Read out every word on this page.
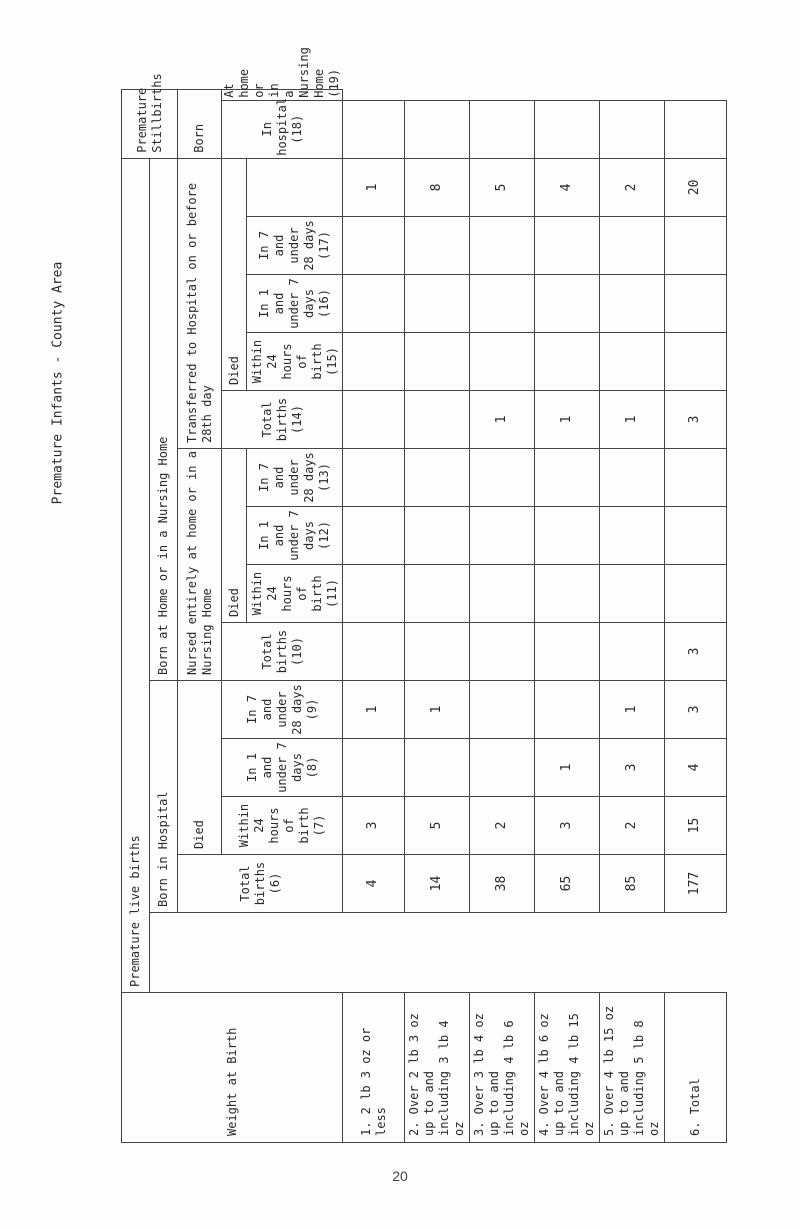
Premature Infants - County Area
Weight at Birth	Premature live births														Premature Stillbirths	

		Born in Hospital				Born at Home or in a Nursing Home										

		Total births (6)	Died			Nursed entirely at home or in a Nursing Home				Transferred to Hospital on or before 28th day					Born	

			Within 24 hours of birth (7)	In 1 and under 7 days (8)	In 7 and under 28 days (9)	Total births (10)	Died			Total births (14)	Died				In hospital (18)	At home or in a Nursing Home (19)

							Within 24 hours of birth (11)	In 1 and under 7 days (12)	In 7 and under 28 days (13)		Within 24 hours of birth (15)	In 1 and under 7 days (16)	In 7 and under 28 days (17)			

1. 2 lb 3 oz or less		4	3		1									1		

2. Over 2 lb 3 oz up to and including 3 lb 4 oz		14	5		1									8		

3. Over 3 lb 4 oz up to and including 4 lb 6 oz		38	2							1				5		

4. Over 4 lb 6 oz up to and including 4 lb 15 oz		65	3	1						1				4		

5. Over 4 lb 15 oz up to and including 5 lb 8 oz		85	2	3	1					1				2		

6. Total		177	15	4	3	3				3				20		

20
